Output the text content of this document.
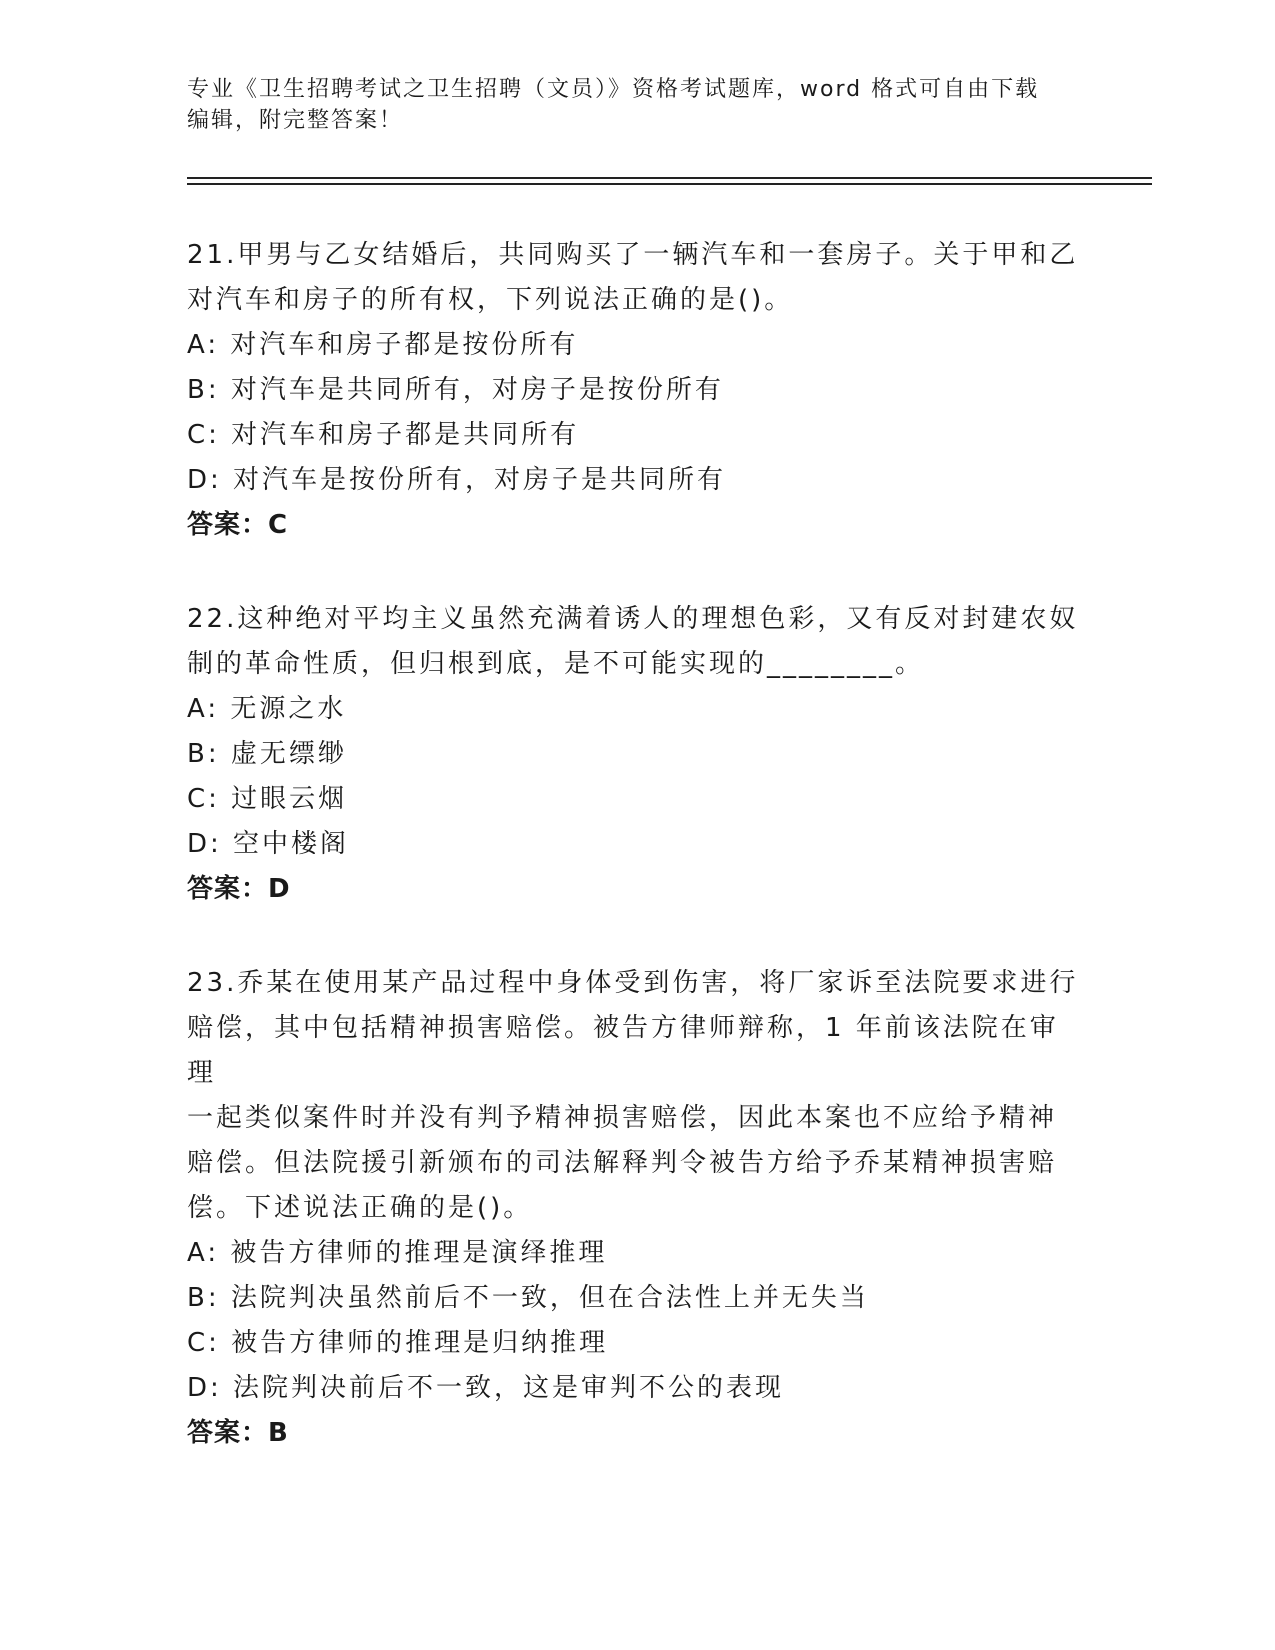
专业《卫生招聘考试之卫生招聘（文员）》资格考试题库，word 格式可自由下载
编辑，附完整答案！

21.甲男与乙女结婚后，共同购买了一辆汽车和一套房子。关于甲和乙

对汽车和房子的所有权，下列说法正确的是()。

A: 对汽车和房子都是按份所有

B: 对汽车是共同所有，对房子是按份所有

C: 对汽车和房子都是共同所有

D: 对汽车是按份所有，对房子是共同所有

答案：C

22.这种绝对平均主义虽然充满着诱人的理想色彩，又有反对封建农奴

制的革命性质，但归根到底，是不可能实现的________。

A: 无源之水

B: 虚无缥缈

C: 过眼云烟

D: 空中楼阁

答案：D

23.乔某在使用某产品过程中身体受到伤害，将厂家诉至法院要求进行

赔偿，其中包括精神损害赔偿。被告方律师辩称，1 年前该法院在审理

一起类似案件时并没有判予精神损害赔偿，因此本案也不应给予精神

赔偿。但法院援引新颁布的司法解释判令被告方给予乔某精神损害赔

偿。下述说法正确的是()。

A: 被告方律师的推理是演绎推理

B: 法院判决虽然前后不一致，但在合法性上并无失当

C: 被告方律师的推理是归纳推理

D: 法院判决前后不一致，这是审判不公的表现

答案：B
